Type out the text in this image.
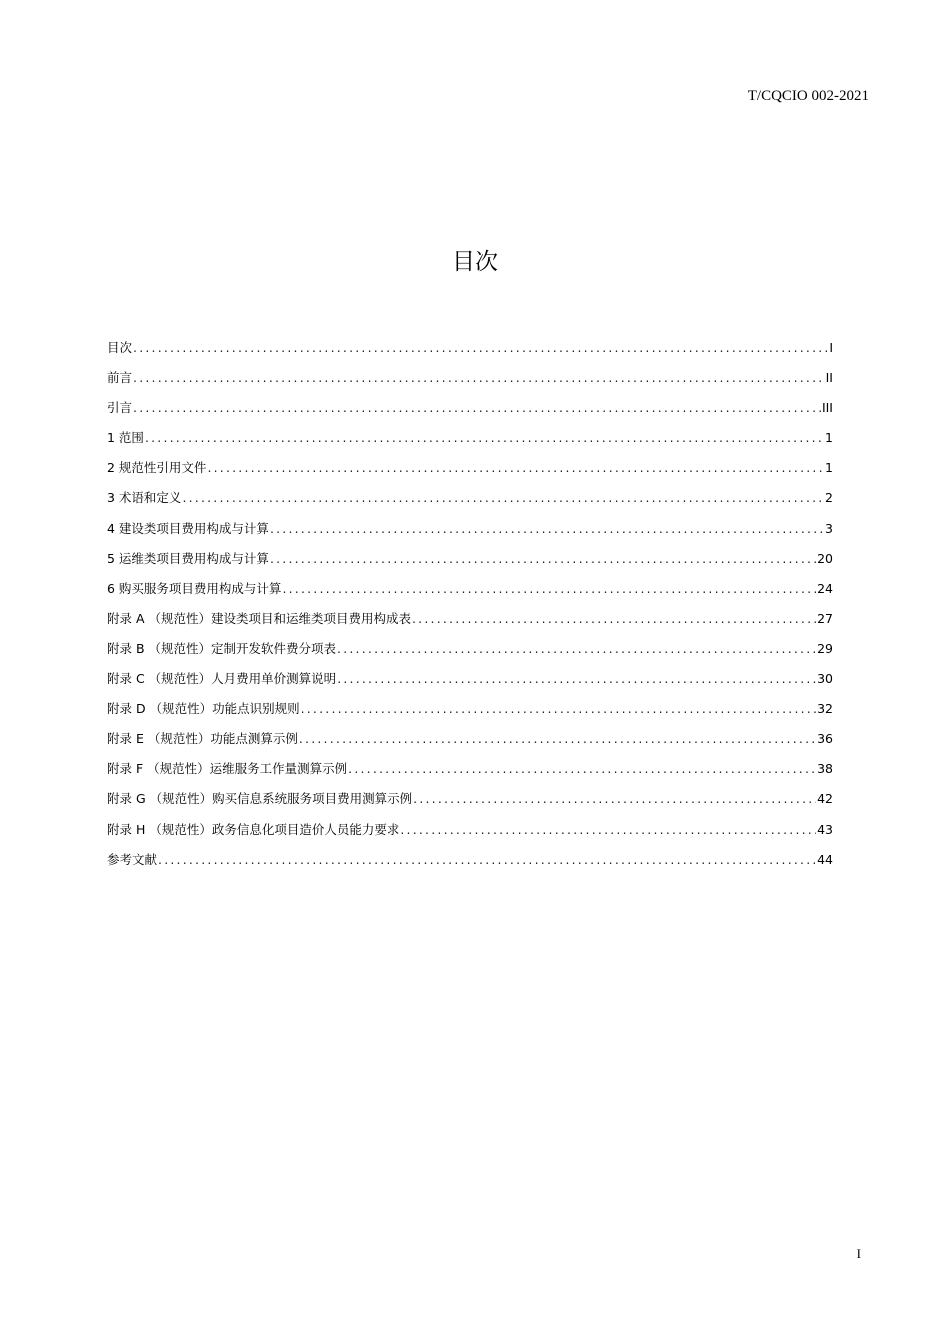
T/CQCIO 002-2021
目次
目次 .....	I
前言 .....	II
引言 .....	III
1 范围 .....	1
2 规范性引用文件 .....	1
3 术语和定义 .....	2
4 建设类项目费用构成与计算 .....	3
5 运维类项目费用构成与计算 .....	20
6 购买服务项目费用构成与计算 .....	24
附录 A （规范性）建设类项目和运维类项目费用构成表 .....	27
附录 B （规范性）定制开发软件费分项表 .....	29
附录 C （规范性）人月费用单价测算说明 .....	30
附录 D （规范性）功能点识别规则 .....	32
附录 E （规范性）功能点测算示例 .....	36
附录 F （规范性）运维服务工作量测算示例 .....	38
附录 G （规范性）购买信息系统服务项目费用测算示例 .....	42
附录 H （规范性）政务信息化项目造价人员能力要求 .....	43
参考文献 .....	44
I
